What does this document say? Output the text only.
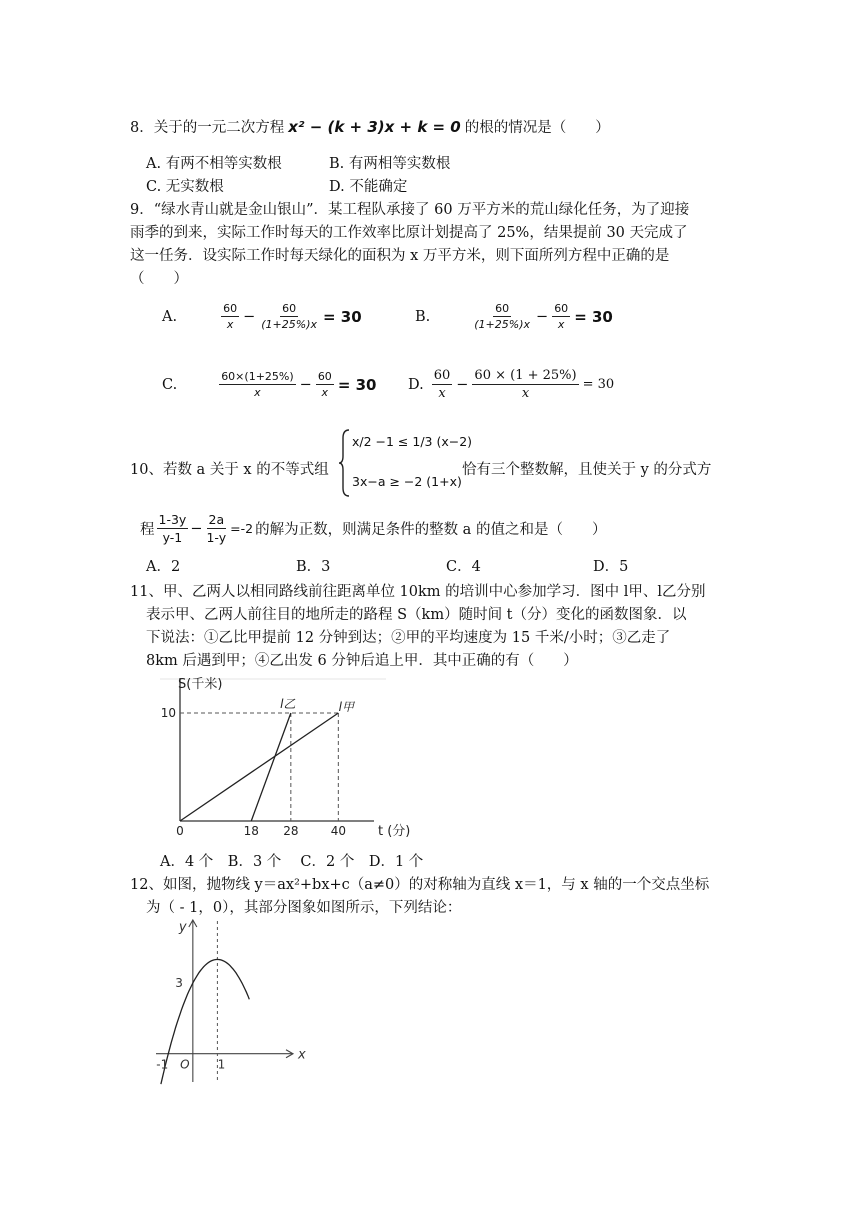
8．关于的一元二次方程 x² − (k + 3)x + k = 0 的根的情况是（　　）
A. 有两不相等实数根	B. 有两相等实数根
C. 无实数根	D. 不能确定
9．“绿水青山就是金山银山”．某工程队承接了 60 万平方米的荒山绿化任务，为了迎接
雨季的到来，实际工作时每天的工作效率比原计划提高了 25%，结果提前 30 天完成了
这一任务．设实际工作时每天绿化的面积为 x 万平方米，则下面所列方程中正确的是
（　　）
A.	$\frac{60}{x} - \frac{60}{(1+25\%)x} = 30$	B.	$\frac{60}{(1+25\%)x} - \frac{60}{x} = 30$
C.	$\frac{60\times(1+25\%)}{x} - \frac{60}{x} = 30$ D. $\frac{60}{x} - \frac{60 \times (1 + 25\%)}{x} = 30$
10、若数 a 关于 x 的不等式组
x/2 −1 ≤ 1/3 (x−2)
3x−a ≥ −2 (1+x)
恰有三个整数解，且使关于 y 的分式方
程 $\frac{1-3y}{y-1} - \frac{2a}{1-y} =-2$ 的解为正数，则满足条件的整数 a 的值之和是（　　）
A．2	B．3	C．4	D．5
11、甲、乙两人以相同路线前往距离单位 10km 的培训中心参加学习．图中 l甲、l乙分别
表示甲、乙两人前往目的地所走的路程 S（km）随时间 t（分）变化的函数图象．以
下说法：①乙比甲提前 12 分钟到达；②甲的平均速度为 15 千米/小时；③乙走了
8km 后遇到甲；④乙出发 6 分钟后追上甲．其中正确的有（　　）
S(千米)
t (分)
0	18 28	40
10
l乙	l甲
A．4 个　B．3 个　 C．2 个　D．1 个
12、如图，抛物线 y＝ax²+bx+c（a≠0）的对称轴为直线 x＝1，与 x 轴的一个交点坐标
为（ - 1，0），其部分图象如图所示，下列结论：
x
y
3
-1	1
O
